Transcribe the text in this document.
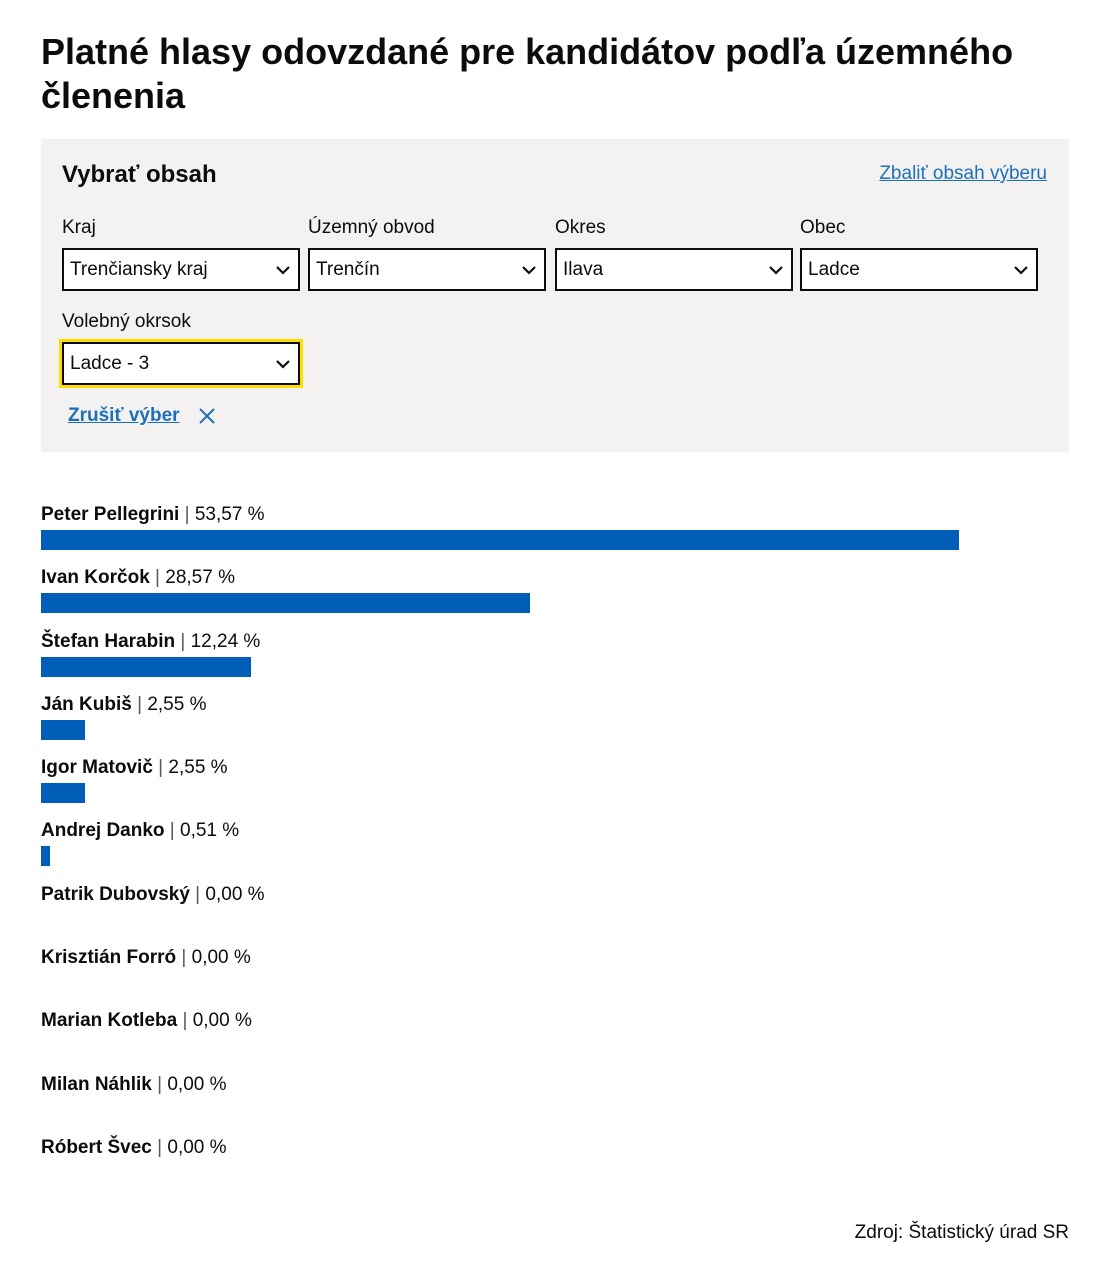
Platné hlasy odovzdané pre kandidátov podľa územného členenia
Vybrať obsah	Zbaliť obsah výberu
Kraj
Trenčiansky kraj
Územný obvod
Trenčín
Okres
Ilava
Obec
Ladce
Volebný okrsok
Ladce - 3
Zrušiť výber
Peter Pellegrini | 53,57 %
Ivan Korčok | 28,57 %
Štefan Harabin | 12,24 %
Ján Kubiš | 2,55 %
Igor Matovič | 2,55 %
Andrej Danko | 0,51 %
Patrik Dubovský | 0,00 %
Krisztián Forró | 0,00 %
Marian Kotleba | 0,00 %
Milan Náhlik | 0,00 %
Róbert Švec | 0,00 %
Zdroj: Štatistický úrad SR
